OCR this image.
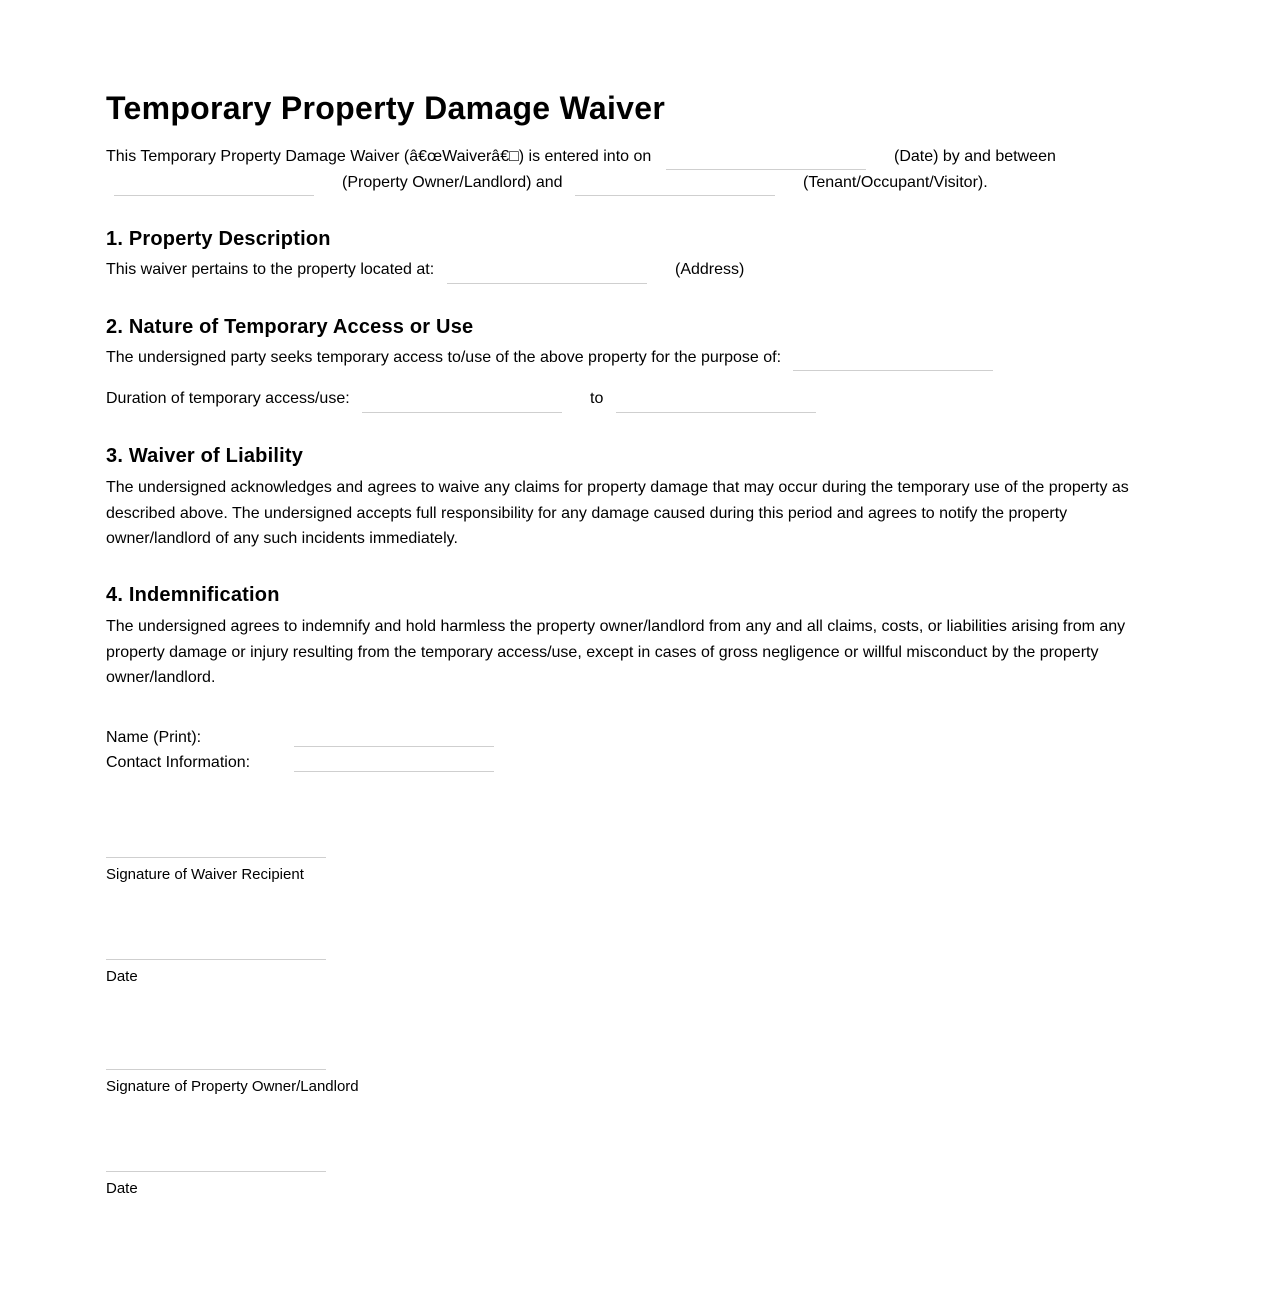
Temporary Property Damage Waiver
This Temporary Property Damage Waiver (â€œWaiverâ€□) is entered into on	(Date) by and between
(Property Owner/Landlord) and	(Tenant/Occupant/Visitor).
1. Property Description
This waiver pertains to the property located at:	(Address)
2. Nature of Temporary Access or Use
The undersigned party seeks temporary access to/use of the above property for the purpose of:
Duration of temporary access/use:	to
3. Waiver of Liability

The undersigned acknowledges and agrees to waive any claims for property damage that may occur during the temporary use of the property as described above. The undersigned accepts full responsibility for any damage caused during this period and agrees to notify the property owner/landlord of any such incidents immediately.

4. Indemnification

The undersigned agrees to indemnify and hold harmless the property owner/landlord from any and all claims, costs, or liabilities arising from any property damage or injury resulting from the temporary access/use, except in cases of gross negligence or willful misconduct by the property owner/landlord.

Name (Print):
Contact Information:
Signature of Waiver Recipient
Date
Signature of Property Owner/Landlord
Date
